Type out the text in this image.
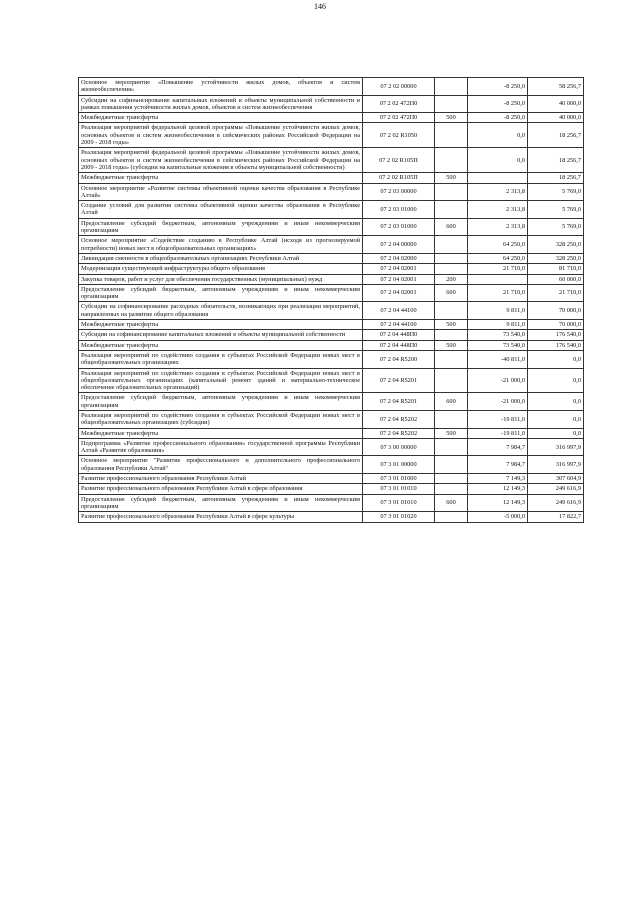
146
Основное мероприятие «Повышение устойчивости жилых домов, объектов и систем жизнеобеспечения»	07 2 02 00000		-8 250,0	58 256,7
Субсидии на софинансирование капитальных вложений в объекты муниципальной собственности в рамках повышения устойчивости жилых домов, объектов и систем жизнеобеспечения	07 2 02 472П0		-8 250,0	40 000,0
Межбюджетные трансферты	07 2 02 472П0	500	-8 250,0	40 000,0
Реализация мероприятий федеральной целевой программы «Повышение устойчивости жилых домов, основных объектов и систем жизнеобеспечения в сейсмических районах Российской Федерации на 2009 - 2018 годы»	07 2 02 R1050		0,0	18 256,7
Реализация мероприятий федеральной целевой программы «Повышение устойчивости жилых домов, основных объектов и систем жизнеобеспечения в сейсмических районах Российской Федерации на 2009 - 2018 годы» (субсидии на капитальные вложения в объекты муниципальной собственности)	07 2 02 R105П		0,0	18 256,7
Межбюджетные трансферты	07 2 02 R105П	500		18 256,7
Основное мероприятие «Развитие системы объективной оценки качества образования в Республике Алтай»	07 2 03 00000		2 313,8	5 769,0
Создание условий для развития системы объективной оценки качества образования в Республике Алтай	07 2 03 01000		2 313,8	5 769,0
Предоставление субсидий бюджетным, автономным учреждениям и иным некоммерческим организациям	07 2 03 01000	600	2 313,8	5 769,0
Основное мероприятие «Содействие созданию в Республике Алтай (исходя из прогнозируемой потребности) новых мест в общеобразовательных организациях»	07 2 04 00000		64 250,0	328 250,0
Ликвидация сменности в общеобразовательных организациях Республики Алтай	07 2 04 02000		64 250,0	328 250,0
Модернизация существующей инфраструктуры общего образования	07 2 04 02001		21 710,0	81 710,0
Закупка товаров, работ и услуг для обеспечения государственных (муниципальных) нужд	07 2 04 02001	200		60 000,0
Предоставление субсидий бюджетным, автономным учреждениям и иным некоммерческим организациям	07 2 04 02001	600	21 710,0	21 710,0
Субсидии на софинансирование расходных обязательств, возникающих при реализации мероприятий, направленных на развитие общего образования	07 2 04 44100		9 811,0	70 000,0
Межбюджетные трансферты	07 2 04 44100	500	9 811,0	70 000,0
Субсидии на софинансирование капитальных вложений в объекты муниципальной собственности	07 2 04 448П0		73 540,0	176 540,0
Межбюджетные трансферты	07 2 04 448П0	500	73 540,0	176 540,0
Реализация мероприятий по содействию создания в субъектах Российской Федерации новых мест в общеобразовательных организациях	07 2 04 R5200		-40 811,0	0,0
Реализация мероприятий по содействию создания в субъектах Российской Федерации новых мест в общеобразовательных организациях (капитальный ремонт зданий и материально-техническое обеспечение образовательных организаций)	07 2 04 R5201		-21 000,0	0,0
Предоставление субсидий бюджетным, автономным учреждениям и иным некоммерческим организациям	07 2 04 R5201	600	-21 000,0	0,0
Реализация мероприятий по содействию создания в субъектах Российской Федерации новых мест в общеобразовательных организациях (субсидии)	07 2 04 R5202		-19 811,0	0,0
Межбюджетные трансферты	07 2 04 R5202	500	-19 811,0	0,0
Подпрограмма «Развитие профессионального образования» государственной программы Республики Алтай «Развитие образования»	07 3 00 00000		7 984,7	316 997,9
Основное мероприятие "Развитие профессионального и дополнительного профессионального образования Республики Алтай"	07 3 01 00000		7 984,7	316 997,9
Развитие профессионального образования Республики Алтай	07 3 01 01000		7 149,3	307 604,9
Развитие профессионального образования Республики Алтай в сфере образования	07 3 01 01010		12 149,3	249 616,9
Предоставление субсидий бюджетным, автономным учреждениям и иным некоммерческим организациям	07 3 01 01010	600	12 149,3	249 616,9
Развитие профессионального образования Республики Алтай в сфере культуры	07 3 01 01020		-5 000,0	17 822,7
